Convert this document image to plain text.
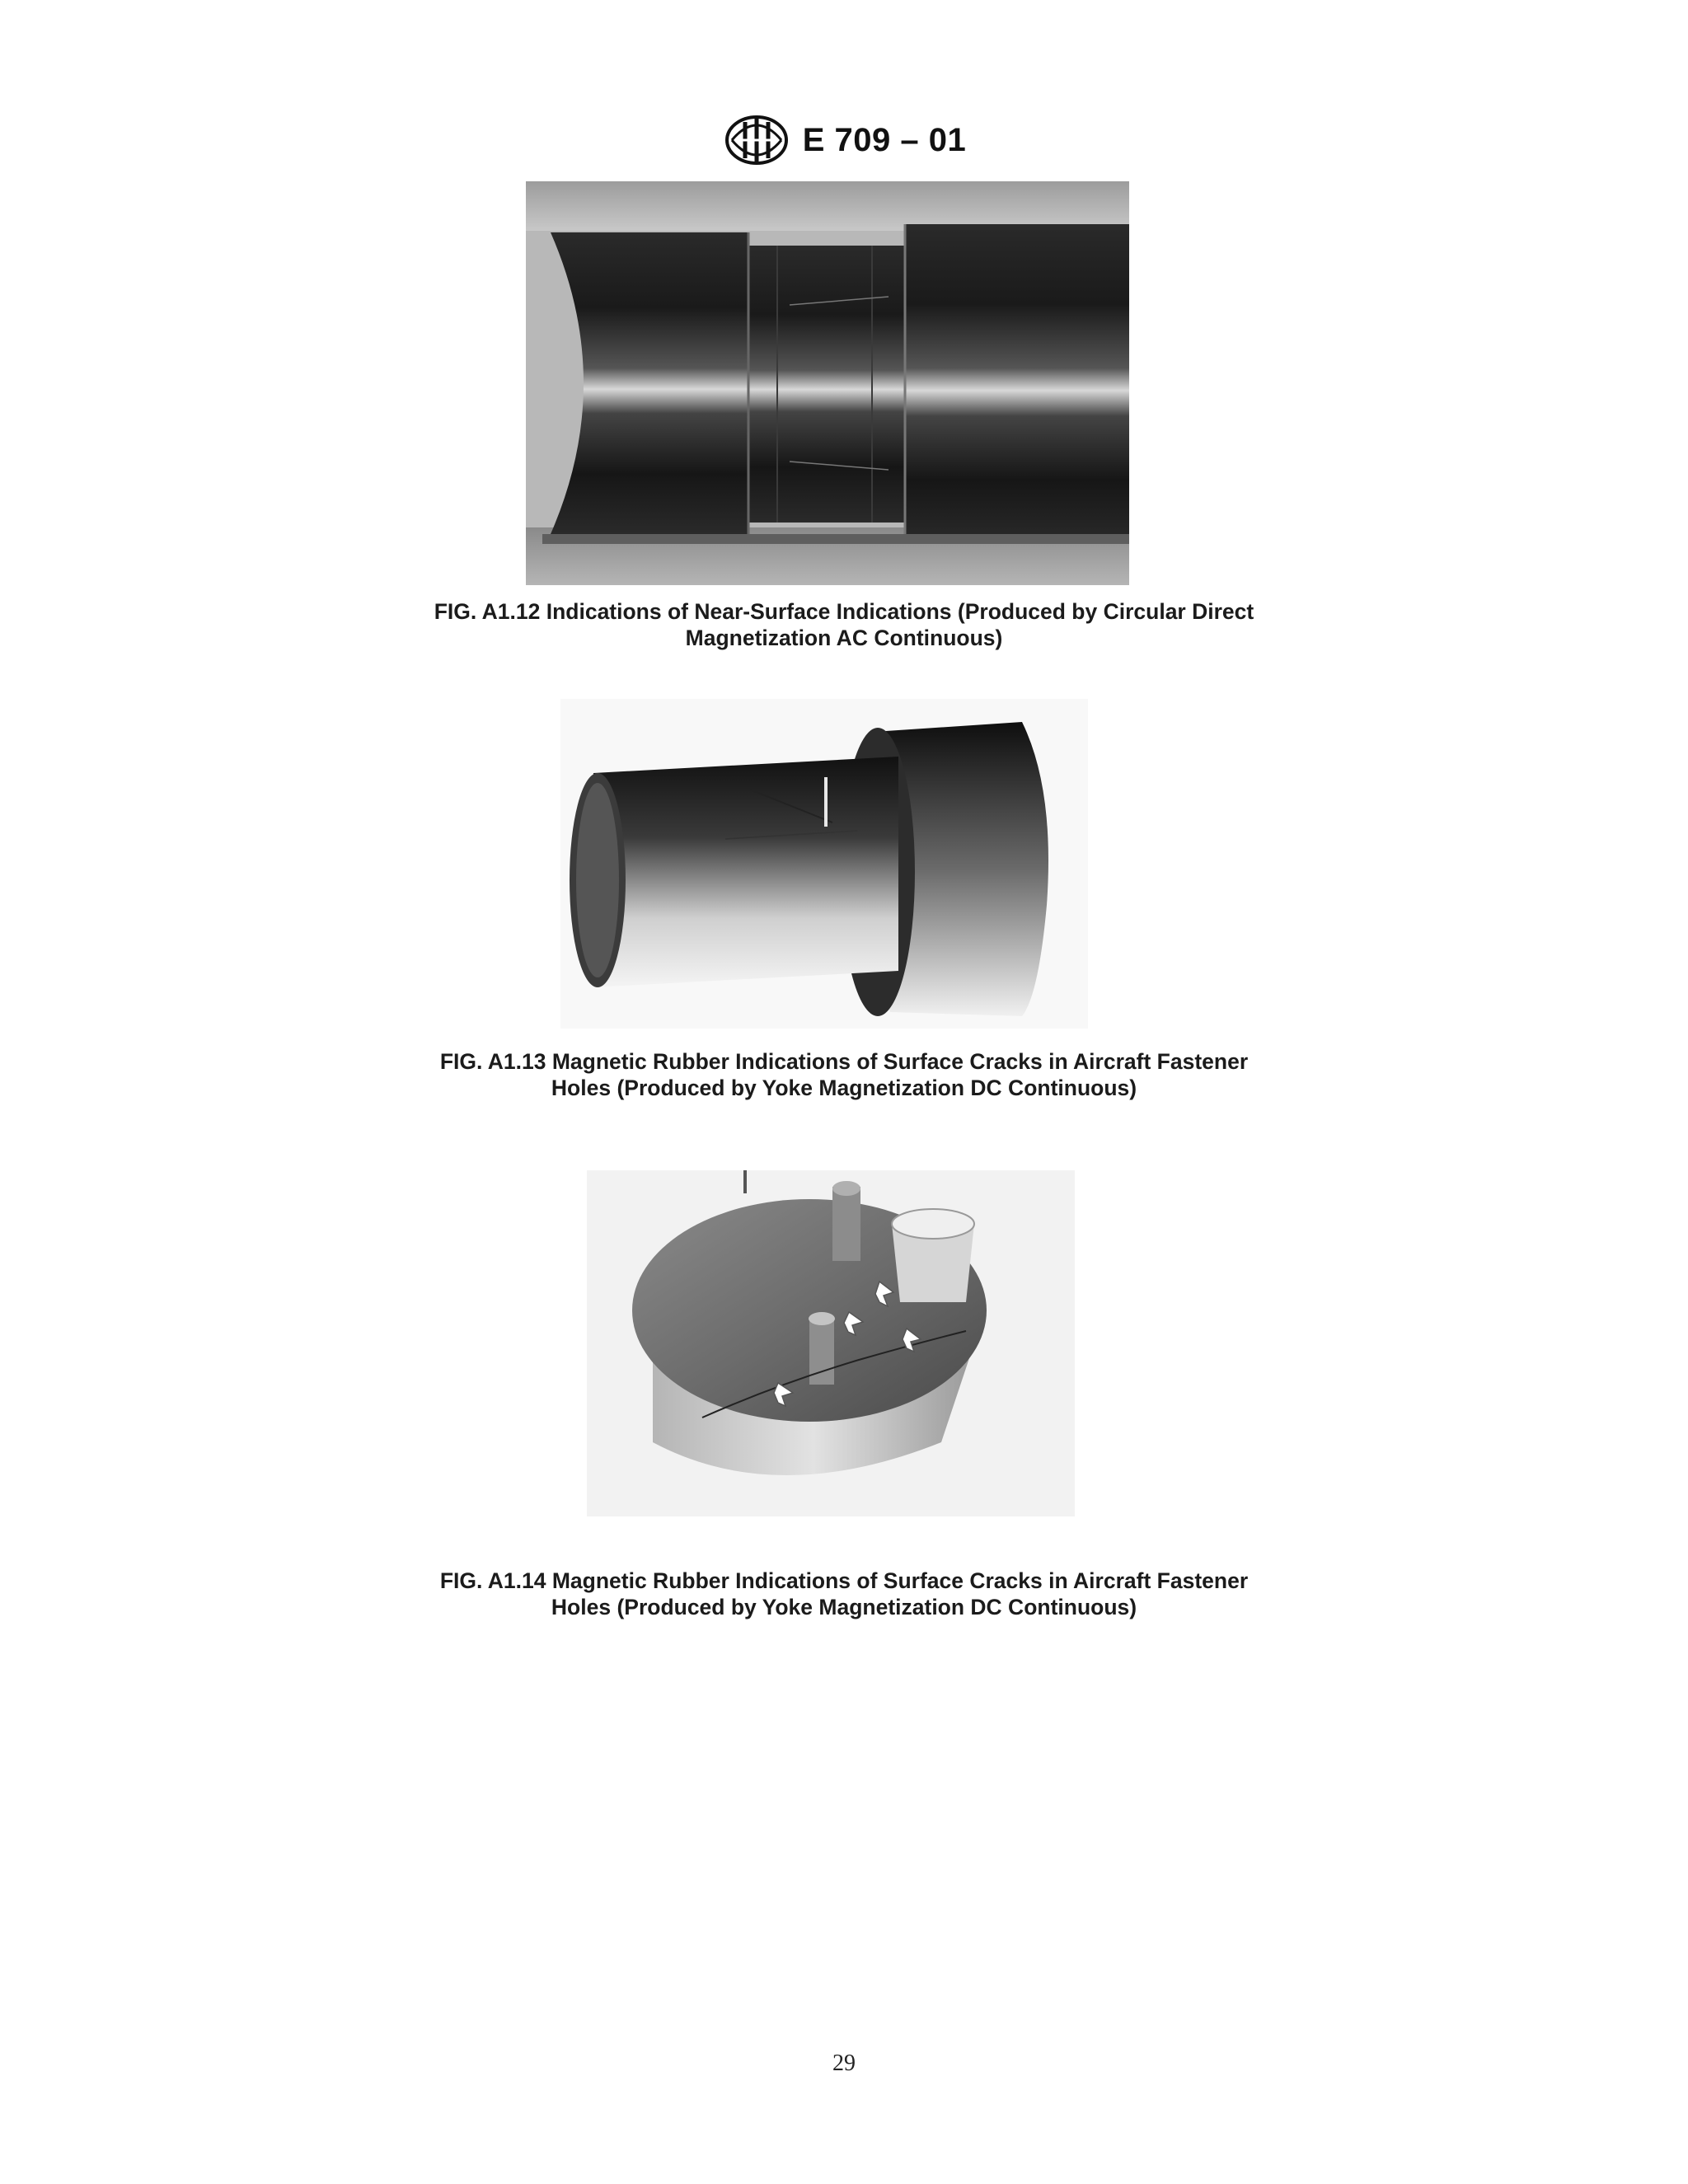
E 709 – 01
FIG. A1.12 Indications of Near-Surface Indications (Produced by Circular Direct Magnetization AC Continuous)
FIG. A1.13 Magnetic Rubber Indications of Surface Cracks in Aircraft Fastener Holes (Produced by Yoke Magnetization DC Continuous)
FIG. A1.14 Magnetic Rubber Indications of Surface Cracks in Aircraft Fastener Holes (Produced by Yoke Magnetization DC Continuous)
29
